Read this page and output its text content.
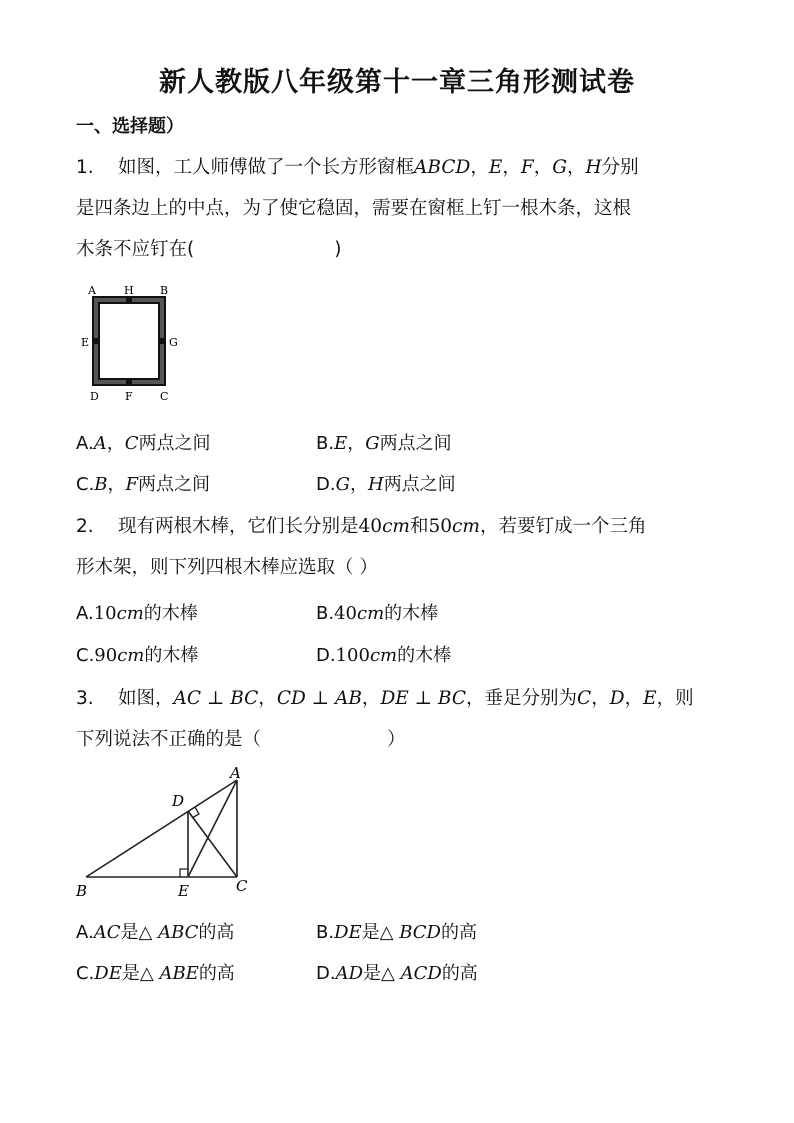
新人教版八年级第十一章三角形测试卷
一、选择题）
1. 如图，工人师傅做了一个长方形窗框ABCD，E，F，G，H分别
是四条边上的中点，为了使它稳固，需要在窗框上钉一根木条，这根
木条不应钉在(	)
A	H B
E	G
D F C
A.A，C两点之间	B.E，G两点之间
C.B，F两点之间	D.G，H两点之间
2. 现有两根木棒，它们长分别是40cm和50cm，若要钉成一个三角
形木架，则下列四根木棒应选取（ ）
A.10cm的木棒	B.40cm的木棒
C.90cm的木棒	D.100cm的木棒
3. 如图，AC ⊥ BC，CD ⊥ AB，DE ⊥ BC，垂足分别为C，D，E，则
下列说法不正确的是（	）
A
D
B	E	C
A.AC是△ ABC的高	B.DE是△ BCD的高
C.DE是△ ABE的高	D.AD是△ ACD的高
